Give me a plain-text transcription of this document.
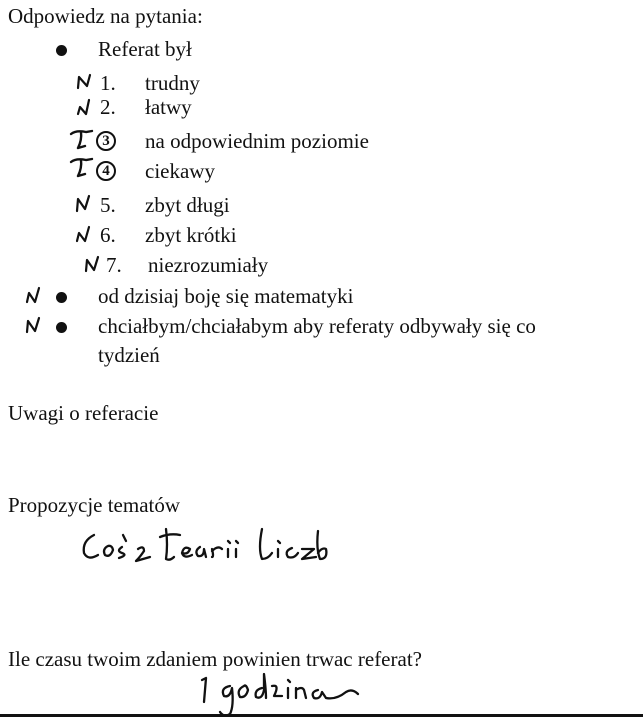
Odpowiedz na pytania:
Referat był
1. trudny
2. łatwy
3 na odpowiednim poziomie
4 ciekawy
5. zbyt długi
6. zbyt krótki
7. niezrozumiały
od dzisiaj boję się matematyki
chciałbym/chciałabym aby referaty odbywały się co
tydzień
Uwagi o referacie
Propozycje tematów
Ile czasu twoim zdaniem powinien trwac referat?
